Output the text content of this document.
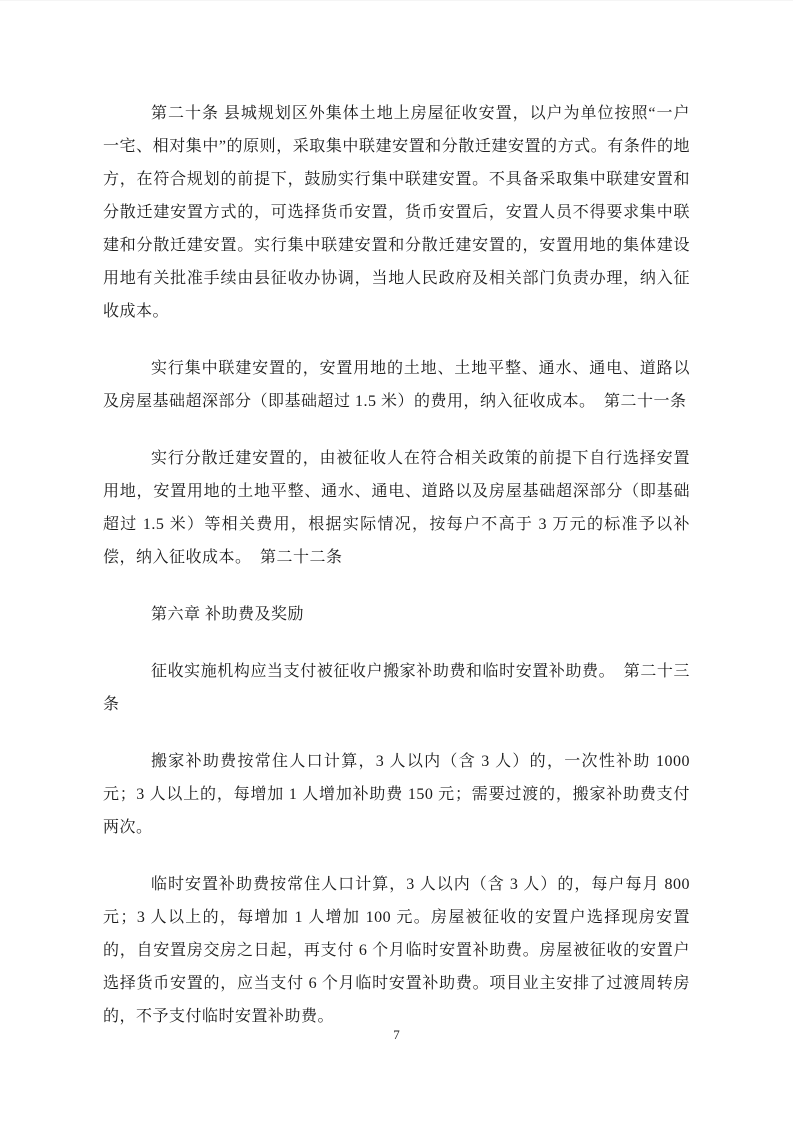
第二十条 县城规划区外集体土地上房屋征收安置，以户为单位按照“一户一宅、相对集中”的原则，采取集中联建安置和分散迁建安置的方式。有条件的地方，在符合规划的前提下，鼓励实行集中联建安置。不具备采取集中联建安置和分散迁建安置方式的，可选择货币安置，货币安置后，安置人员不得要求集中联建和分散迁建安置。实行集中联建安置和分散迁建安置的，安置用地的集体建设用地有关批准手续由县征收办协调，当地人民政府及相关部门负责办理，纳入征收成本。

实行集中联建安置的，安置用地的土地、土地平整、通水、通电、道路以及房屋基础超深部分（即基础超过 1.5 米）的费用，纳入征收成本。　第二十一条

实行分散迁建安置的，由被征收人在符合相关政策的前提下自行选择安置用地，安置用地的土地平整、通水、通电、道路以及房屋基础超深部分（即基础超过 1.5 米）等相关费用，根据实际情况，按每户不高于 3 万元的标准予以补偿，纳入征收成本。　第二十二条

第六章 补助费及奖励

征收实施机构应当支付被征收户搬家补助费和临时安置补助费。　第二十三条

搬家补助费按常住人口计算，3 人以内（含 3 人）的，一次性补助 1000 元；3 人以上的，每增加 1 人增加补助费 150 元；需要过渡的，搬家补助费支付两次。

临时安置补助费按常住人口计算，3 人以内（含 3 人）的，每户每月 800 元；3 人以上的，每增加 1 人增加 100 元。房屋被征收的安置户选择现房安置的，自安置房交房之日起，再支付 6 个月临时安置补助费。房屋被征收的安置户选择货币安置的，应当支付 6 个月临时安置补助费。项目业主安排了过渡周转房的，不予支付临时安置补助费。

7
